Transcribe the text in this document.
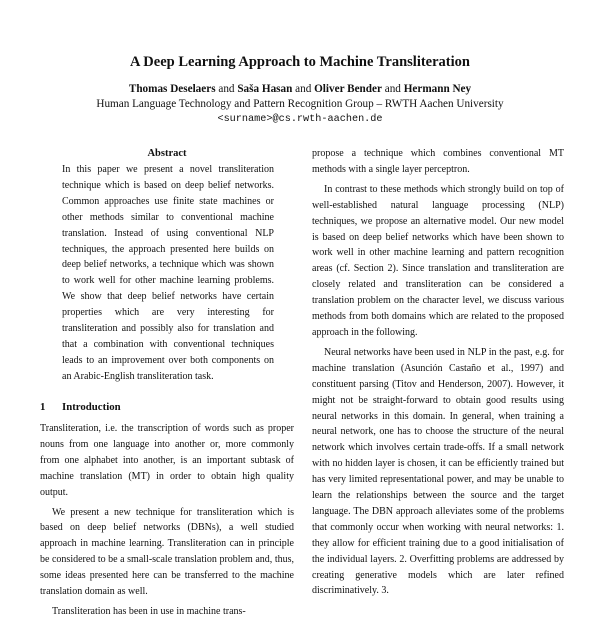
A Deep Learning Approach to Machine Transliteration
Thomas Deselaers and Saša Hasan and Oliver Bender and Hermann Ney
Human Language Technology and Pattern Recognition Group – RWTH Aachen University
<surname>@cs.rwth-aachen.de
Abstract

In this paper we present a novel transliteration technique which is based on deep belief networks. Common approaches use finite state machines or other methods similar to conventional machine translation. Instead of using conventional NLP techniques, the approach presented here builds on deep belief networks, a technique which was shown to work well for other machine learning problems. We show that deep belief networks have certain properties which are very interesting for transliteration and possibly also for translation and that a combination with conventional techniques leads to an improvement over both components on an Arabic-English transliteration task.

1 Introduction

Transliteration, i.e. the transcription of words such as proper nouns from one language into another or, more commonly from one alphabet into another, is an important subtask of machine translation (MT) in order to obtain high quality output.

We present a new technique for transliteration which is based on deep belief networks (DBNs), a well studied approach in machine learning. Transliteration can in principle be considered to be a small-scale translation problem and, thus, some ideas presented here can be transferred to the machine translation domain as well.

Transliteration has been in use in machine trans-

propose a technique which combines conventional MT methods with a single layer perceptron.

In contrast to these methods which strongly build on top of well-established natural language processing (NLP) techniques, we propose an alternative model. Our new model is based on deep belief networks which have been shown to work well in other machine learning and pattern recognition areas (cf. Section 2). Since translation and transliteration are closely related and transliteration can be considered a translation problem on the character level, we discuss various methods from both domains which are related to the proposed approach in the following.

Neural networks have been used in NLP in the past, e.g. for machine translation (Asunción Castaño et al., 1997) and constituent parsing (Titov and Henderson, 2007). However, it might not be straight-forward to obtain good results using neural networks in this domain. In general, when training a neural network, one has to choose the structure of the neural network which involves certain trade-offs. If a small network with no hidden layer is chosen, it can be efficiently trained but has very limited representational power, and may be unable to learn the relationships between the source and the target language. The DBN approach alleviates some of the problems that commonly occur when working with neural networks: 1. they allow for efficient training due to a good initialisation of the individual layers. 2. Overfitting problems are addressed by creating generative models which are later refined discriminatively. 3.
